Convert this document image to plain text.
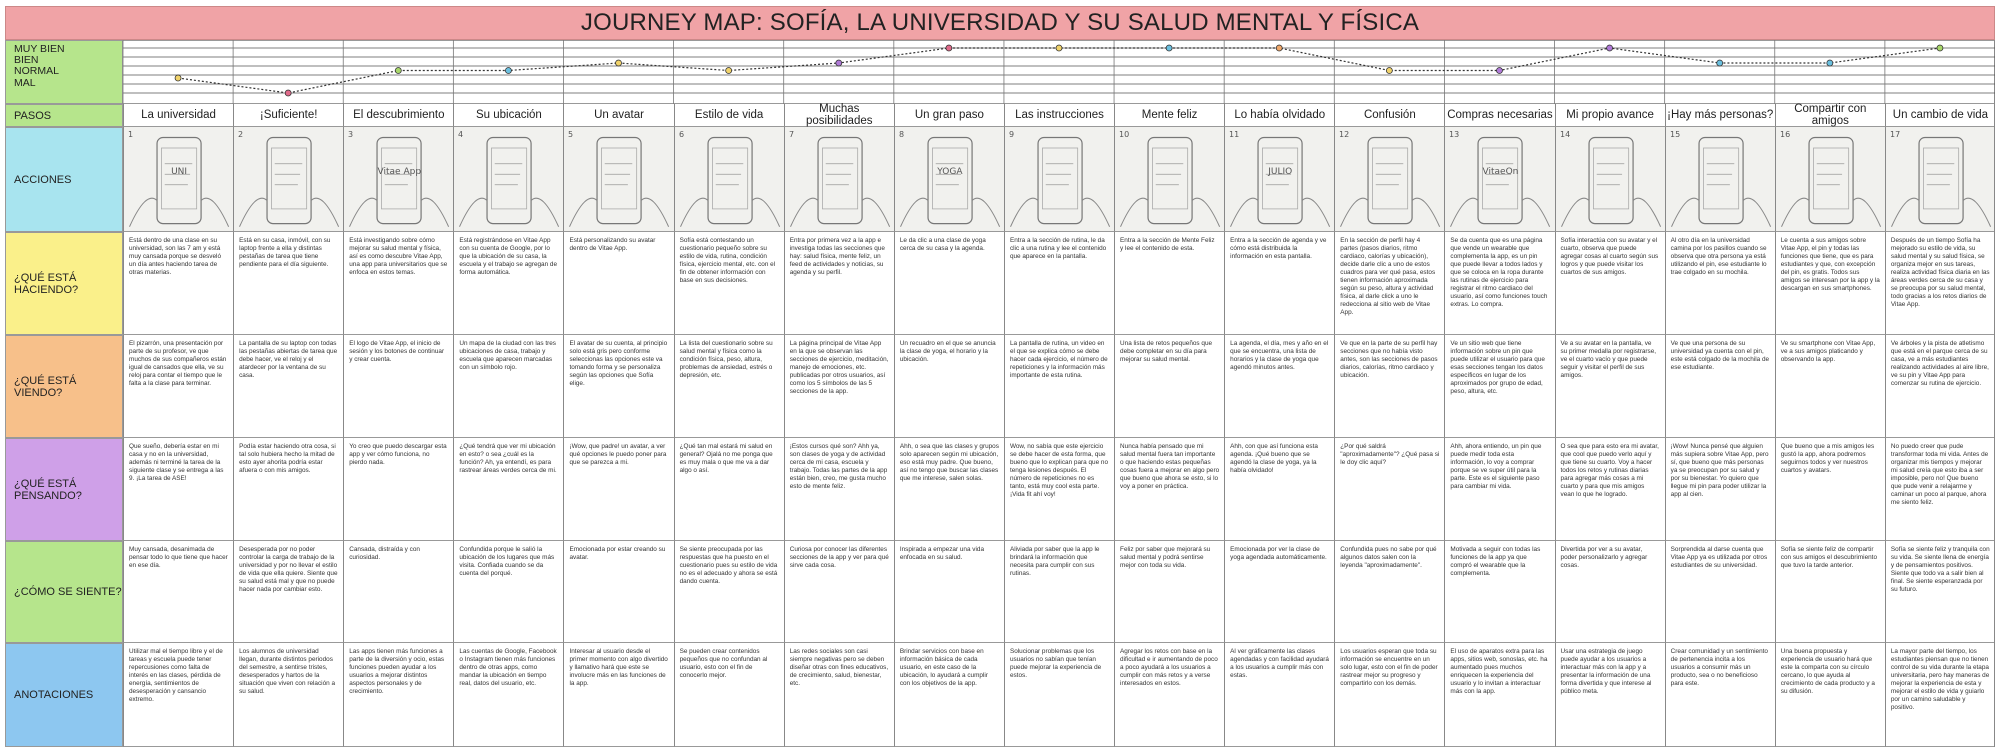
JOURNEY MAP: SOFÍA, LA UNIVERSIDAD Y SU SALUD MENTAL Y FÍSICA
MUY BIEN
BIEN
NORMAL
MAL
PASOS
ACCIONES
¿QUÉ ESTÁ HACIENDO?
¿QUÉ ESTÁ VIENDO?
¿QUÉ ESTÁ PENSANDO?
¿CÓMO SE SIENTE?
ANOTACIONES
La universidad
1
UNI
Está dentro de una clase en su universidad, son las 7 am y está muy cansada porque se desveló un día antes haciendo tarea de otras materias.
El pizarrón, una presentación por parte de su profesor, ve que muchos de sus compañeros están igual de cansados que ella, ve su reloj para contar el tiempo que le falta a la clase para terminar.
Que sueño, debería estar en mi casa y no en la universidad, además ni terminé la tarea de la siguiente clase y se entrega a las 9. ¡La tarea de ASE!
Muy cansada, desanimada de pensar todo lo que tiene que hacer en ese día.
Utilizar mal el tiempo libre y el de tareas y escuela puede tener repercusiones como falta de interés en las clases, pérdida de energía, sentimientos de desesperación y cansancio extremo.
¡Suficiente!
2
Está en su casa, inmóvil, con su laptop frente a ella y distintas pestañas de tarea que tiene pendiente para el día siguiente.
La pantalla de su laptop con todas las pestañas abiertas de tarea que debe hacer, ve el reloj y el atardecer por la ventana de su casa.
Podía estar haciendo otra cosa, si tal solo hubiera hecho la mitad de esto ayer ahorita podría estar afuera o con mis amigos.
Desesperada por no poder controlar la carga de trabajo de la universidad y por no llevar el estilo de vida que ella quiere. Siente que su salud está mal y que no puede hacer nada por cambiar esto.
Los alumnos de universidad llegan, durante distintos periodos del semestre, a sentirse tristes, desesperados y hartos de la situación que viven con relación a su salud.
El descubrimiento
3
Vitae App
Está investigando sobre cómo mejorar su salud mental y física, así es como descubre Vitae App, una app para universitarios que se enfoca en estos temas.
El logo de Vitae App, el inicio de sesión y los botones de continuar y crear cuenta.
Yo creo que puedo descargar esta app y ver cómo funciona, no pierdo nada.
Cansada, distraída y con curiosidad.
Las apps tienen más funciones a parte de la diversión y ocio, estas funciones pueden ayudar a los usuarios a mejorar distintos aspectos personales y de crecimiento.
Su ubicación
4
Está registrándose en Vitae App con su cuenta de Google, por lo que la ubicación de su casa, la escuela y el trabajo se agregan de forma automática.
Un mapa de la ciudad con las tres ubicaciones de casa, trabajo y escuela que aparecen marcadas con un símbolo rojo.
¿Qué tendrá que ver mi ubicación en esto? o sea ¿cuál es la función? Ah, ya entendí, es para rastrear áreas verdes cerca de mi.
Confundida porque le salió la ubicación de los lugares que más visita. Confiada cuando se da cuenta del porqué.
Las cuentas de Google, Facebook o Instagram tienen más funciones dentro de otras apps, como mandar la ubicación en tiempo real, datos del usuario, etc.
Un avatar
5
Está personalizando su avatar dentro de Vitae App.
El avatar de su cuenta, al principio solo está gris pero conforme seleccionas las opciones este va tomando forma y se personaliza según las opciones que Sofía elige.
¡Wow, que padre! un avatar, a ver qué opciones le puedo poner para que se parezca a mi.
Emocionada por estar creando su avatar.
Interesar al usuario desde el primer momento con algo divertido y llamativo hará que este se involucre más en las funciones de la app.
Estilo de vida
6
Sofía está contestando un cuestionario pequeño sobre su estilo de vida, rutina, condición física, ejercicio mental, etc. con el fin de obtener información con base en sus decisiones.
La lista del cuestionario sobre su salud mental y física como la condición física, peso, altura, problemas de ansiedad, estrés o depresión, etc.
¿Qué tan mal estará mi salud en general? Ojalá no me ponga que es muy mala o que me va a dar algo o así.
Se siente preocupada por las respuestas que ha puesto en el cuestionario pues su estilo de vida no es el adecuado y ahora se está dando cuenta.
Se pueden crear contenidos pequeños que no confundan al usuario, esto con el fin de conocerlo mejor.
Muchas posibilidades
7
Entra por primera vez a la app e investiga todas las secciones que hay: salud física, mente feliz, un feed de actividades y noticias, su agenda y su perfil.
La página principal de Vitae App en la que se observan las secciones de ejercicio, meditación, manejo de emociones, etc. publicadas por otros usuarios, así como los 5 símbolos de las 5 secciones de la app.
¡Estos cursos qué son? Ahh ya, son clases de yoga y de actividad cerca de mi casa, escuela y trabajo. Todas las partes de la app están bien, creo, me gusta mucho esto de mente feliz.
Curiosa por conocer las diferentes secciones de la app y ver para qué sirve cada cosa.
Las redes sociales son casi siempre negativas pero se deben diseñar otras con fines educativos, de crecimiento, salud, bienestar, etc.
Un gran paso
8
YOGA
Le da clic a una clase de yoga cerca de su casa y la agenda.
Un recuadro en el que se anuncia la clase de yoga, el horario y la ubicación.
Ahh, o sea que las clases y grupos solo aparecen según mi ubicación, eso está muy padre. Que bueno, así no tengo que buscar las clases que me interese, salen solas.
Inspirada a empezar una vida enfocada en su salud.
Brindar servicios con base en información básica de cada usuario, en este caso de la ubicación, lo ayudará a cumplir con los objetivos de la app.
Las instrucciones
9
Entra a la sección de rutina, le da clic a una rutina y lee el contenido que aparece en la pantalla.
La pantalla de rutina, un video en el que se explica cómo se debe hacer cada ejercicio, el número de repeticiones y la información más importante de esta rutina.
Wow, no sabía que este ejercicio se debe hacer de esta forma, que bueno que lo explican para que no tenga lesiones después. El número de repeticiones no es tanto, está muy cool esta parte. ¡Vida fit ahí voy!
Aliviada por saber que la app le brindará la información que necesita para cumplir con sus rutinas.
Solucionar problemas que los usuarios no sabían que tenían puede mejorar la experiencia de estos.
Mente feliz
10
Entra a la sección de Mente Feliz y lee el contenido de esta.
Una lista de retos pequeños que debe completar en su día para mejorar su salud mental.
Nunca había pensado que mi salud mental fuera tan importante o que haciendo estas pequeñas cosas fuera a mejorar en algo pero que bueno que ahora se esto, si lo voy a poner en práctica.
Feliz por saber que mejorará su salud mental y podrá sentirse mejor con toda su vida.
Agregar los retos con base en la dificultad e ir aumentando de poco a poco ayudará a los usuarios a cumplir con más retos y a verse interesados en estos.
Lo había olvidado
11
JULIO
Entra a la sección de agenda y ve cómo está distribuida la información en esta pantalla.
La agenda, el día, mes y año en el que se encuentra, una lista de horarios y la clase de yoga que agendó minutos antes.
Ahh, con que así funciona esta agenda. ¡Qué bueno que se agendó la clase de yoga, ya la había olvidado!
Emocionada por ver la clase de yoga agendada automáticamente.
Al ver gráficamente las clases agendadas y con facilidad ayudará a los usuarios a cumplir más con estas.
Confusión
12
En la sección de perfil hay 4 partes (pasos diarios, ritmo cardiaco, calorías y ubicación), decide darle clic a uno de estos cuadros para ver qué pasa, estos tienen información aproximada según su peso, altura y actividad física, al darle click a uno le redecciona al sitio web de Vitae App.
Ve que en la parte de su perfil hay secciones que no había visto antes, son las secciones de pasos diarios, calorías, ritmo cardiaco y ubicación.
¿Por qué saldrá "aproximadamente"? ¿Qué pasa si le doy clic aquí?
Confundida pues no sabe por qué algunos datos salen con la leyenda "aproximadamente".
Los usuarios esperan que toda su información se encuentre en un solo lugar, esto con el fin de poder rastrear mejor su progreso y compartirlo con los demás.
Compras necesarias
13
VitaeOn
Se da cuenta que es una página que vende un wearable que complementa la app, es un pin que puede llevar a todos lados y que se coloca en la ropa durante las rutinas de ejercicio para registrar el ritmo cardiaco del usuario, así como funciones touch extras. Lo compra.
Ve un sitio web que tiene información sobre un pin que puede utilizar el usuario para que esas secciones tengan los datos específicos en lugar de los aproximados por grupo de edad, peso, altura, etc.
Ahh, ahora entiendo, un pin que puede medir toda esta información, lo voy a comprar porque se ve super útil para la parte. Este es el siguiente paso para cambiar mi vida.
Motivada a seguir con todas las funciones de la app ya que compró el wearable que la complementa.
El uso de aparatos extra para las apps, sitios web, sonoslas, etc. ha aumentado pues muchos enriquecen la experiencia del usuario y lo invitan a interactuar más con la app.
Mi propio avance
14
Sofía interactúa con su avatar y el cuarto, observa que puede agregar cosas al cuarto según sus logros y que puede visitar los cuartos de sus amigos.
Ve a su avatar en la pantalla, ve su primer medalla por registrarse, ve el cuarto vacío y que puede seguir y visitar el perfil de sus amigos.
O sea que para esto era mi avatar, que cool que puedo verlo aquí y que tiene su cuarto. Voy a hacer todos los retos y rutinas diarias para agregar más cosas a mi cuarto y para que mis amigos vean lo que he logrado.
Divertida por ver a su avatar, poder personalizarlo y agregar cosas.
Usar una estrategia de juego puede ayudar a los usuarios a interactuar más con la app y a presentar la información de una forma divertida y que interese al público meta.
¡Hay más personas?
15
Al otro día en la universidad camina por los pasillos cuando se observa que otra persona ya está utilizando el pin, ese estudiante lo trae colgado en su mochila.
Ve que una persona de su universidad ya cuenta con el pin, este está colgado de la mochila de ese estudiante.
¡Wow! Nunca pensé que alguien más supiera sobre Vitae App, pero sí, que bueno que más personas ya se preocupan por su salud y por su bienestar. Yo quiero que llegue mi pin para poder utilizar la app al cien.
Sorprendida al darse cuenta que Vitae App ya es utilizada por otros estudiantes de su universidad.
Crear comunidad y un sentimiento de pertenencia incita a los usuarios a consumir más un producto, sea o no beneficioso para este.
Compartir con amigos
16
Le cuenta a sus amigos sobre Vitae App, el pin y todas las funciones que tiene, que es para estudiantes y que, con excepción del pin, es gratis. Todos sus amigos se interesan por la app y la descargan en sus smartphones.
Ve su smartphone con Vitae App, ve a sus amigos platicando y observando la app.
Que bueno que a mis amigos les gustó la app, ahora podremos seguirnos todos y ver nuestros cuartos y avatars.
Sofía se siente feliz de compartir con sus amigos el descubrimiento que tuvo la tarde anterior.
Una buena propuesta y experiencia de usuario hará que este la comparta con su círculo cercano, lo que ayuda al crecimiento de cada producto y a su difusión.
Un cambio de vida
17
Después de un tiempo Sofía ha mejorado su estilo de vida, su salud mental y su salud física, se organiza mejor en sus tareas, realiza actividad física diaria en las áreas verdes cerca de su casa y se preocupa por su salud mental, todo gracias a los retos diarios de Vitae App.
Ve árboles y la pista de atletismo que está en el parque cerca de su casa, ve a más estudiantes realizando actividades al aire libre, ve su pin y Vitae App para comenzar su rutina de ejercicio.
No puedo creer que pude transformar toda mi vida. Antes de organizar mis tiempos y mejorar mi salud creía que esto iba a ser imposible, pero no! Que bueno que pude venir a relajarme y caminar un poco al parque, ahora me siento feliz.
Sofía se siente feliz y tranquila con su vida. Se siente llena de energía y de pensamientos positivos. Siente que todo va a salir bien al final. Se siente esperanzada por su futuro.
La mayor parte del tiempo, los estudiantes piensan que no tienen control de su vida durante la etapa universitaria, pero hay maneras de mejorar la experiencia de esta y mejorar el estilo de vida y guiarlo por un camino saludable y positivo.
